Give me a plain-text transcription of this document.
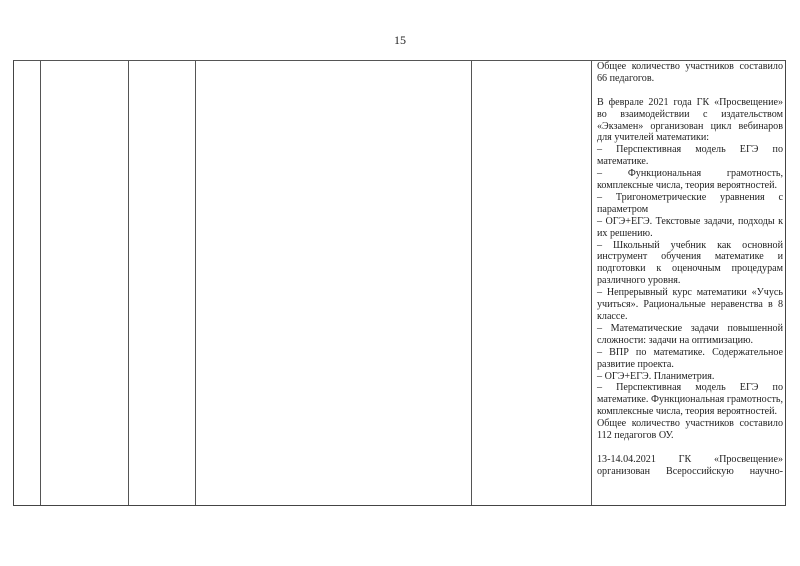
15

Общее количество участников составило 66 педагогов.

В феврале 2021 года ГК «Просвещение» во взаимодействии с издательством «Экзамен» организован цикл вебинаров для учителей математики:

– Перспективная модель ЕГЭ по математике.

– Функциональная грамотность, комплексные числа, теория вероятностей.

– Тригонометрические уравнения с параметром

– ОГЭ+ЕГЭ. Текстовые задачи, подходы к их решению.

– Школьный учебник как основной инструмент обучения математике и подготовки к оценочным процедурам различного уровня.

– Непрерывный курс математики «Учусь учиться». Рациональные неравенства в 8 классе.

– Математические задачи повышенной сложности: задачи на оптимизацию.

– ВПР по математике. Содержательное развитие проекта.

– ОГЭ+ЕГЭ. Планиметрия.

– Перспективная модель ЕГЭ по математике. Функциональная грамотность, комплексные числа, теория вероятностей.

Общее количество участников составило 112 педагогов ОУ.

13-14.04.2021 ГК «Просвещение» организован Всероссийскую научно-
